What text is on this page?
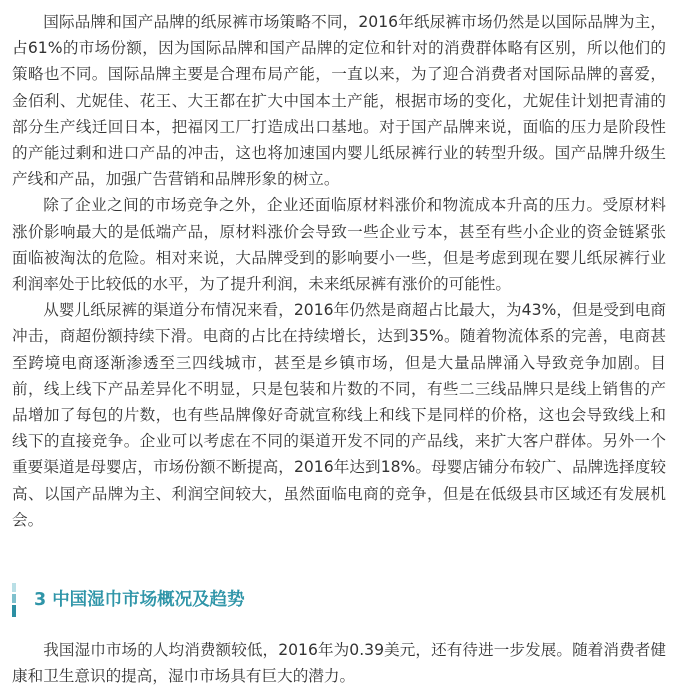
国际品牌和国产品牌的纸尿裤市场策略不同，2016年纸尿裤市场仍然是以国际品牌为主，占61%的市场份额，因为国际品牌和国产品牌的定位和针对的消费群体略有区别，所以他们的策略也不同。国际品牌主要是合理布局产能，一直以来，为了迎合消费者对国际品牌的喜爱，金佰利、尤妮佳、花王、大王都在扩大中国本土产能，根据市场的变化，尤妮佳计划把青浦的部分生产线迁回日本，把福冈工厂打造成出口基地。对于国产品牌来说，面临的压力是阶段性的产能过剩和进口产品的冲击，这也将加速国内婴儿纸尿裤行业的转型升级。国产品牌升级生产线和产品，加强广告营销和品牌形象的树立。

除了企业之间的市场竞争之外，企业还面临原材料涨价和物流成本升高的压力。受原材料涨价影响最大的是低端产品，原材料涨价会导致一些企业亏本，甚至有些小企业的资金链紧张面临被淘汰的危险。相对来说，大品牌受到的影响要小一些，但是考虑到现在婴儿纸尿裤行业利润率处于比较低的水平，为了提升利润，未来纸尿裤有涨价的可能性。

从婴儿纸尿裤的渠道分布情况来看，2016年仍然是商超占比最大，为43%，但是受到电商冲击，商超份额持续下滑。电商的占比在持续增长，达到35%。随着物流体系的完善，电商甚至跨境电商逐渐渗透至三四线城市，甚至是乡镇市场，但是大量品牌涌入导致竞争加剧。目前，线上线下产品差异化不明显，只是包装和片数的不同，有些二三线品牌只是线上销售的产品增加了每包的片数，也有些品牌像好奇就宣称线上和线下是同样的价格，这也会导致线上和线下的直接竞争。企业可以考虑在不同的渠道开发不同的产品线，来扩大客户群体。另外一个重要渠道是母婴店，市场份额不断提高，2016年达到18%。母婴店铺分布较广、品牌选择度较高、以国产品牌为主、利润空间较大，虽然面临电商的竞争，但是在低级县市区域还有发展机会。

3 中国湿巾市场概况及趋势

我国湿巾市场的人均消费额较低，2016年为0.39美元，还有待进一步发展。随着消费者健康和卫生意识的提高，湿巾市场具有巨大的潜力。
